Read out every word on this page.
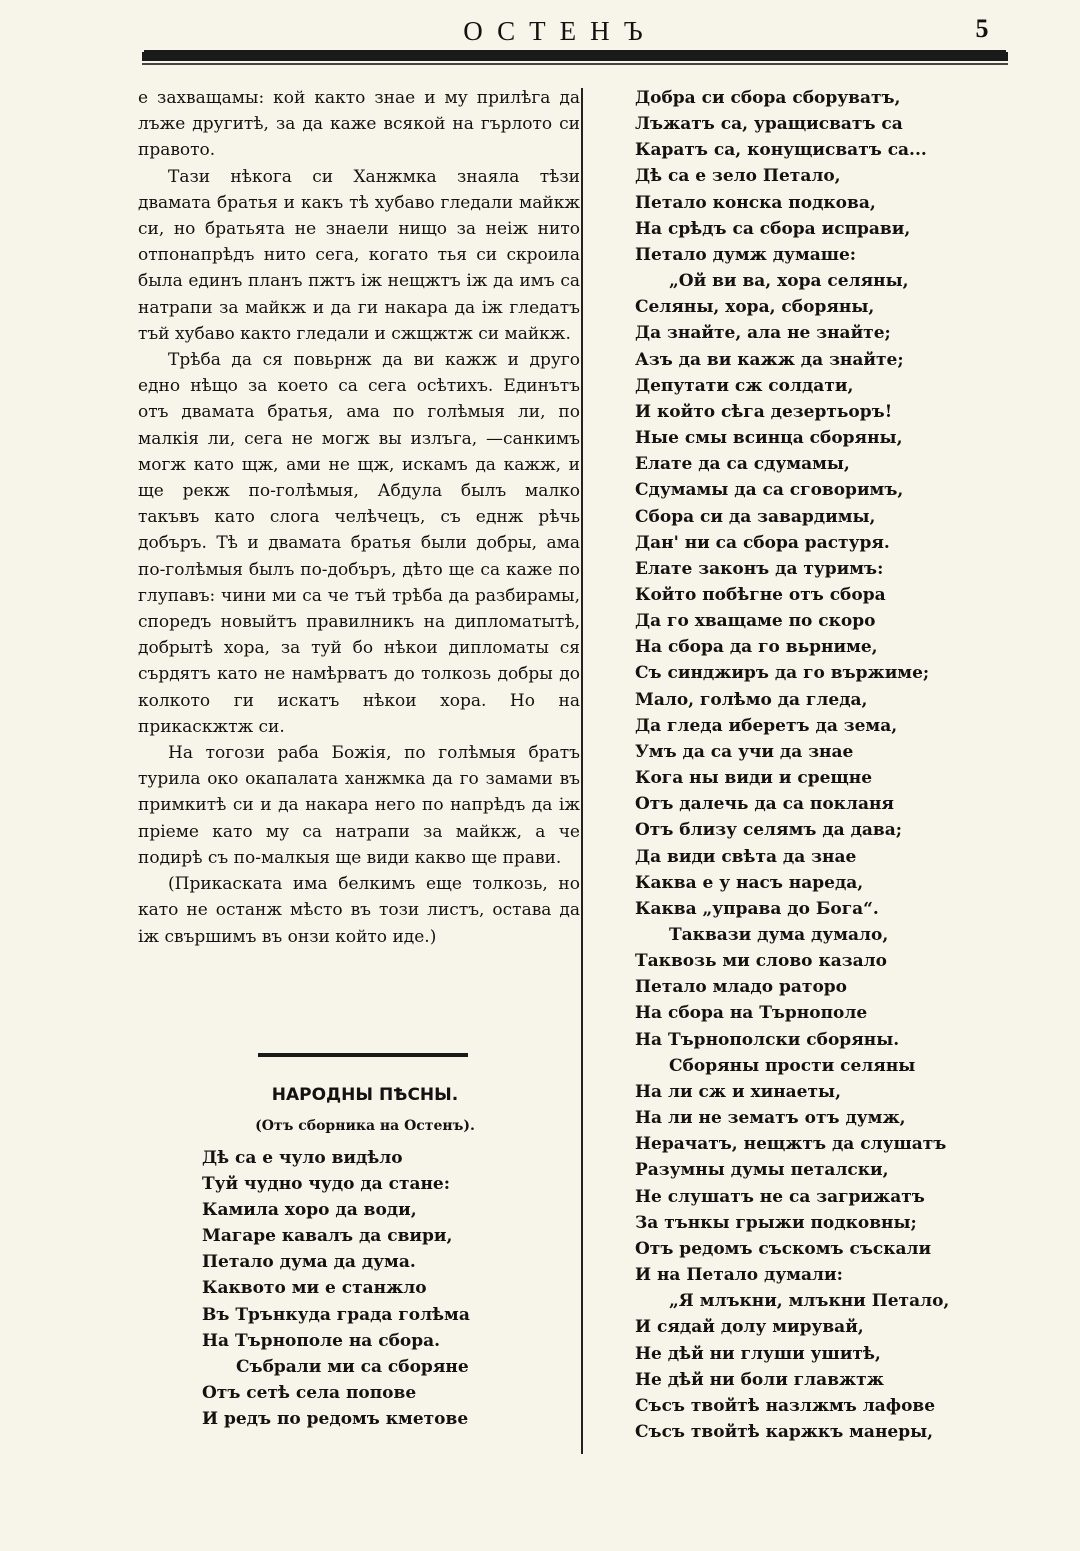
ОСТЕНЪ	5

е захващамы: кой както знае и му прилѣга да лъже другитѣ, за да каже всякой на гърлото си правото.

Тази нѣкога си Ханжмка знаяла тѣзи двамата братья и какъ тѣ хубаво гледали майкж си, но братьята не знаели нищо за неіж нито отпонапрѣдъ нито сега, когато тья си скроила была единъ планъ пжтъ іж нещжтъ іж да имъ са натрапи за майкж и да ги накара да іж гледатъ тъй хубаво както гледали и сжщжтж си майкж.

Трѣба да ся повьрнж да ви кажж и друго едно нѣщо за което са сега осѣтихъ. Единътъ отъ двамата братья, ама по голѣмыя ли, по малкія ли, сега не могж вы излъга, —санкимъ могж като щж, ами не щж, искамъ да кажж, и ще рекж по-голѣмыя, Абдула былъ малко такъвъ като слога челѣчецъ, съ еднж рѣчь добъръ. Тѣ и двамата братья были добры, ама по-голѣмыя былъ по-добъръ, дѣто ще са каже по глупавъ: чини ми са че тъй трѣба да разбирамы, споредъ новыйтъ правилникъ на дипломатытѣ, добрытѣ хора, за туй бо нѣкои дипломаты ся сърдятъ като не намѣрватъ до толкозь добры до колкото ги искатъ нѣкои хора. Но на прикаскжтж си.

На тогози раба Божія, по голѣмыя братъ турила око окапалата ханжмка да го замами въ примкитѣ си и да накара него по напрѣдъ да іж пріеме като му са натрапи за майкж, а че подирѣ съ по-малкыя ще види какво ще прави.

(Прикаската има белкимъ еще толкозь, но като не останж мѣсто въ този листъ, остава да іж свършимъ въ онзи който иде.)

НАРОДНЫ ПѢСНЫ.
(Отъ сборника на Остенъ).
Дѣ са е чуло видѣло
Туй чудно чудо да стане:
Камила хоро да води,
Магаре кавалъ да свири,
Петало дума да дума.
Каквото ми е станжло
Въ Трънкуда града голѣма
На Търнополе на сбора.
Събрали ми са сборяне
Отъ сетѣ села попове
И редъ по редомъ кметове
Добра си сбора сборуватъ,
Лъжатъ са, уращисватъ са
Каратъ са, конущисватъ са...
Дѣ са е зело Петало,
Петало конска подкова,
На срѣдъ са сбора исправи,
Петало думж думаше:
„Ой ви ва, хора селяны,
Селяны, хора, сборяны,
Да знайте, ала не знайте;
Азъ да ви кажж да знайте;
Депутати сж солдати,
И който сѣга дезертьоръ!
Ные смы всинца сборяны,
Елате да са сдумамы,
Сдумамы да са сговоримъ,
Сбора си да завардимы,
Дан' ни са сбора растуря.
Елате законъ да туримъ:
Който побѣгне отъ сбора
Да го хващаме по скоро
На сбора да го вьрнимe,
Съ синджиръ да го вържиме;
Мало, голѣмо да гледа,
Да гледа иберетъ да зема,
Умъ да са учи да знае
Кога ны види и срещне
Отъ далечь да са покланя
Отъ близу селямъ да дава;
Да види свѣта да знае
Каква е у насъ нареда,
Каква „управа до Бога“.
Таквази дума думало,
Таквозь ми слово казало
Петало младо раторо
На сбора на Търнополе
На Търнополски сборяны.
Сборяны прости селяны
На ли сж и хинаеты,
На ли не зематъ отъ думж,
Нерачатъ, нещжтъ да слушатъ
Разумны думы петалски,
Не слушатъ не са загрижатъ
За тънкы грыжи подковны;
Отъ редомъ съскомъ съскали
И на Петало думали:
„Я млъкни, млъкни Петало,
И сядай долу мирувай,
Не дѣй ни глуши ушитѣ,
Не дѣй ни боли главжтж
Съсъ твойтѣ назлжмъ лафове
Съсъ твойтѣ каржкъ манеры,
